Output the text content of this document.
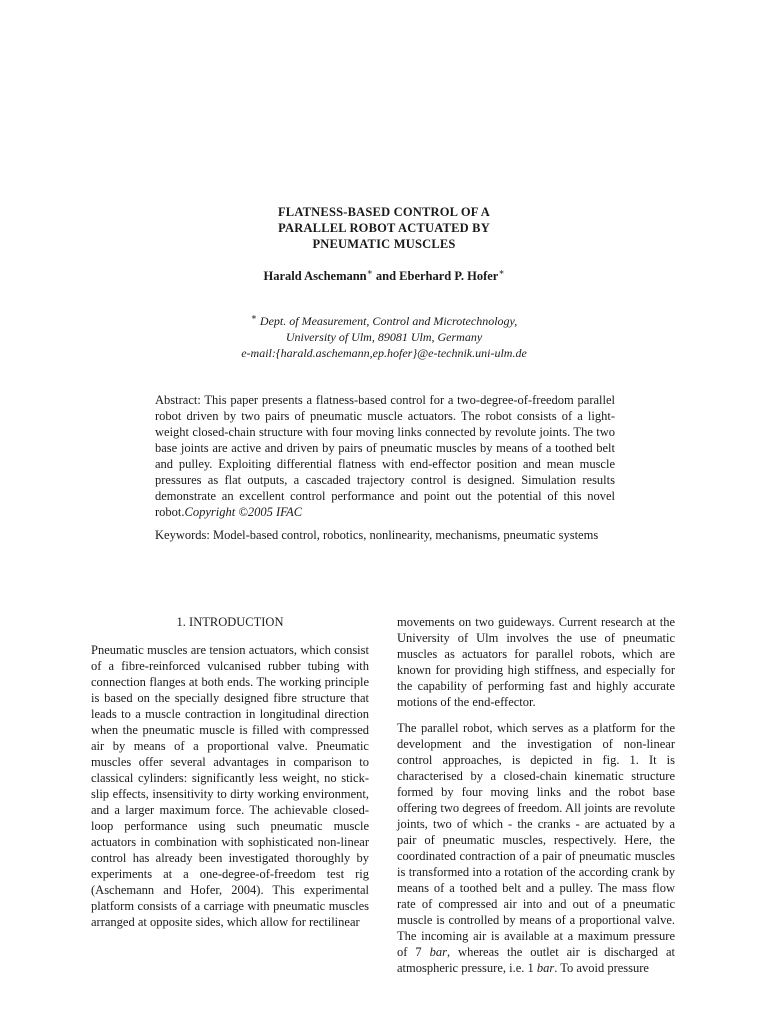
FLATNESS-BASED CONTROL OF A
PARALLEL ROBOT ACTUATED BY
PNEUMATIC MUSCLES
Harald Aschemann∗ and Eberhard P. Hofer∗
∗ Dept. of Measurement, Control and Microtechnology,
University of Ulm, 89081 Ulm, Germany
e-mail:{harald.aschemann,ep.hofer}@e-technik.uni-ulm.de
Abstract: This paper presents a flatness-based control for a two-degree-of-freedom parallel robot driven by two pairs of pneumatic muscle actuators. The robot consists of a light-weight closed-chain structure with four moving links connected by revolute joints. The two base joints are active and driven by pairs of pneumatic muscles by means of a toothed belt and pulley. Exploiting differential flatness with end-effector position and mean muscle pressures as flat outputs, a cascaded trajectory control is designed. Simulation results demonstrate an excellent control performance and point out the potential of this novel robot.Copyright ©2005 IFAC
Keywords: Model-based control, robotics, nonlinearity, mechanisms, pneumatic systems
1. INTRODUCTION

Pneumatic muscles are tension actuators, which consist of a fibre-reinforced vulcanised rubber tubing with connection flanges at both ends. The working principle is based on the specially designed fibre structure that leads to a muscle contraction in longitudinal direction when the pneumatic muscle is filled with compressed air by means of a proportional valve. Pneumatic muscles offer several advantages in comparison to classical cylinders: significantly less weight, no stick-slip effects, insensitivity to dirty working environment, and a larger maximum force. The achievable closed-loop performance using such pneumatic muscle actuators in combination with sophisticated non-linear control has already been investigated thoroughly by experiments at a one-degree-of-freedom test rig (Aschemann and Hofer, 2004). This experimental platform consists of a carriage with pneumatic muscles arranged at opposite sides, which allow for rectilinear

movements on two guideways. Current research at the University of Ulm involves the use of pneumatic muscles as actuators for parallel robots, which are known for providing high stiffness, and especially for the capability of performing fast and highly accurate motions of the end-effector.

The parallel robot, which serves as a platform for the development and the investigation of non-linear control approaches, is depicted in fig. 1. It is characterised by a closed-chain kinematic structure formed by four moving links and the robot base offering two degrees of freedom. All joints are revolute joints, two of which - the cranks - are actuated by a pair of pneumatic muscles, respectively. Here, the coordinated contraction of a pair of pneumatic muscles is transformed into a rotation of the according crank by means of a toothed belt and a pulley. The mass flow rate of compressed air into and out of a pneumatic muscle is controlled by means of a proportional valve. The incoming air is available at a maximum pressure of 7 bar, whereas the outlet air is discharged at atmospheric pressure, i.e. 1 bar. To avoid pressure
